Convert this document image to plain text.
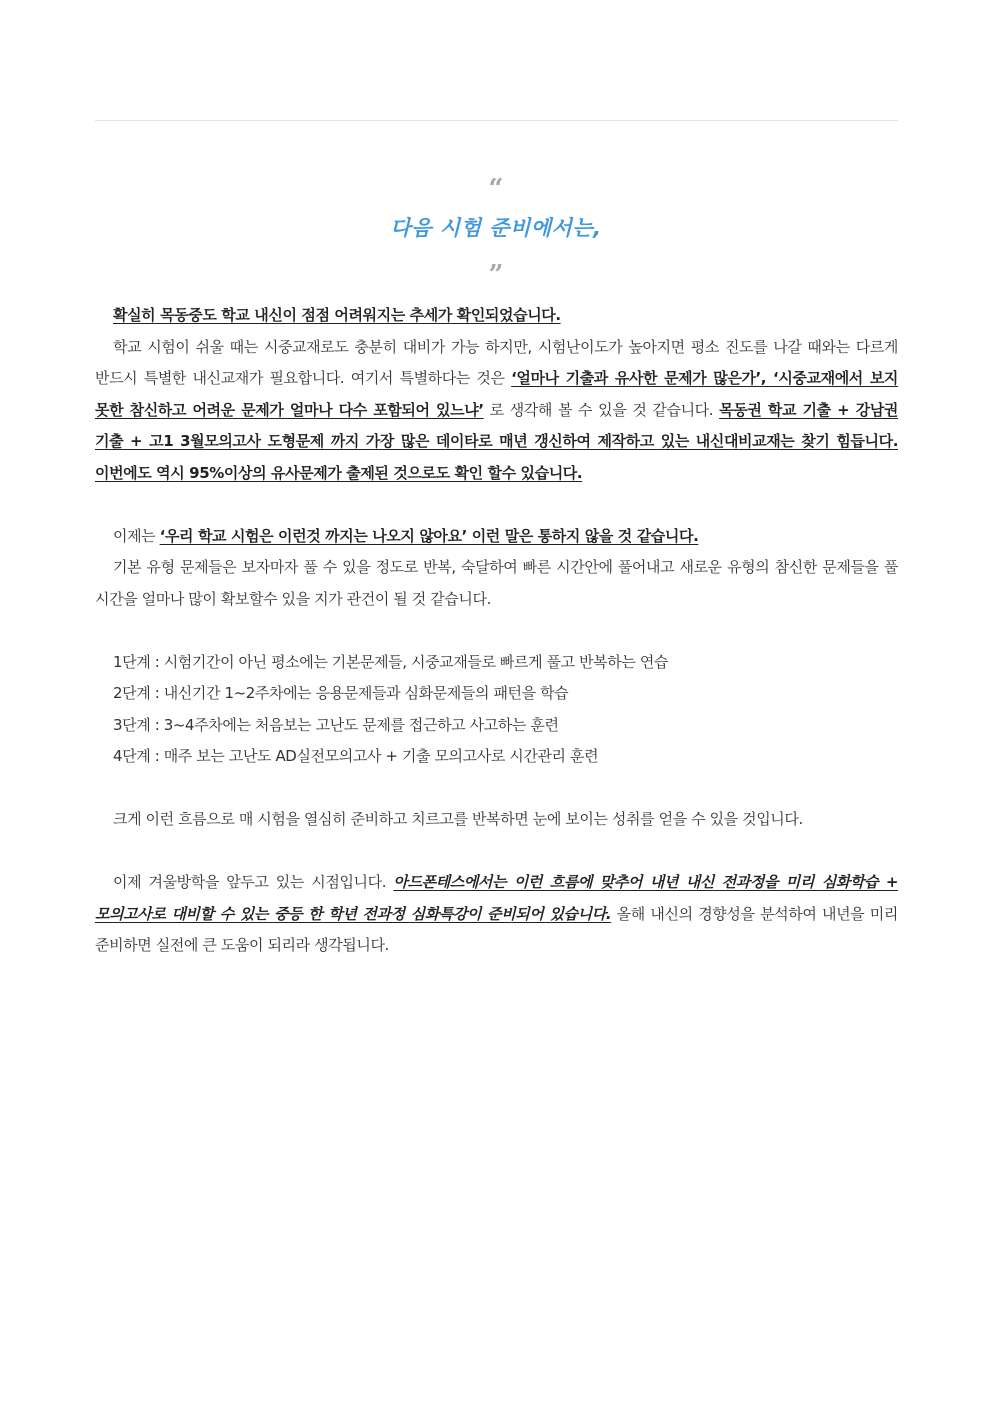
“
다음 시험 준비에서는,
”

확실히 목동중도 학교 내신이 점점 어려워지는 추세가 확인되었습니다.

학교 시험이 쉬울 때는 시중교재로도 충분히 대비가 가능 하지만, 시험난이도가 높아지면 평소 진도를 나갈 때와는 다르게 반드시 특별한 내신교재가 필요합니다. 여기서 특별하다는 것은 ‘얼마나 기출과 유사한 문제가 많은가’, ‘시중교재에서 보지 못한 참신하고 어려운 문제가 얼마나 다수 포함되어 있느냐’ 로 생각해 볼 수 있을 것 같습니다. 목동권 학교 기출 + 강남권 기출 + 고1 3월모의고사 도형문제 까지 가장 많은 데이타로 매년 갱신하여 제작하고 있는 내신대비교재는 찾기 힘듭니다. 이번에도 역시 95%이상의 유사문제가 출제된 것으로도 확인 할수 있습니다.

이제는 ‘우리 학교 시험은 이런것 까지는 나오지 않아요’ 이런 말은 통하지 않을 것 같습니다.

기본 유형 문제들은 보자마자 풀 수 있을 정도로 반복, 숙달하여 빠른 시간안에 풀어내고 새로운 유형의 참신한 문제들을 풀 시간을 얼마나 많이 확보할수 있을 지가 관건이 될 것 같습니다.

1단계 : 시험기간이 아닌 평소에는 기본문제들, 시중교재들로 빠르게 풀고 반복하는 연습
2단계 : 내신기간 1~2주차에는 응용문제들과 심화문제들의 패턴을 학습
3단계 : 3~4주차에는 처음보는 고난도 문제를 접근하고 사고하는 훈련
4단계 : 매주 보는 고난도 AD실전모의고사 + 기출 모의고사로 시간관리 훈련

크게 이런 흐름으로 매 시험을 열심히 준비하고 치르고를 반복하면 눈에 보이는 성취를 얻을 수 있을 것입니다.

이제 겨울방학을 앞두고 있는 시점입니다. 아드폰테스에서는 이런 흐름에 맞추어 내년 내신 전과정을 미리 심화학습 + 모의고사로 대비할 수 있는 중등 한 학년 전과정 심화특강이 준비되어 있습니다. 올해 내신의 경향성을 분석하여 내년을 미리 준비하면 실전에 큰 도움이 되리라 생각됩니다.
